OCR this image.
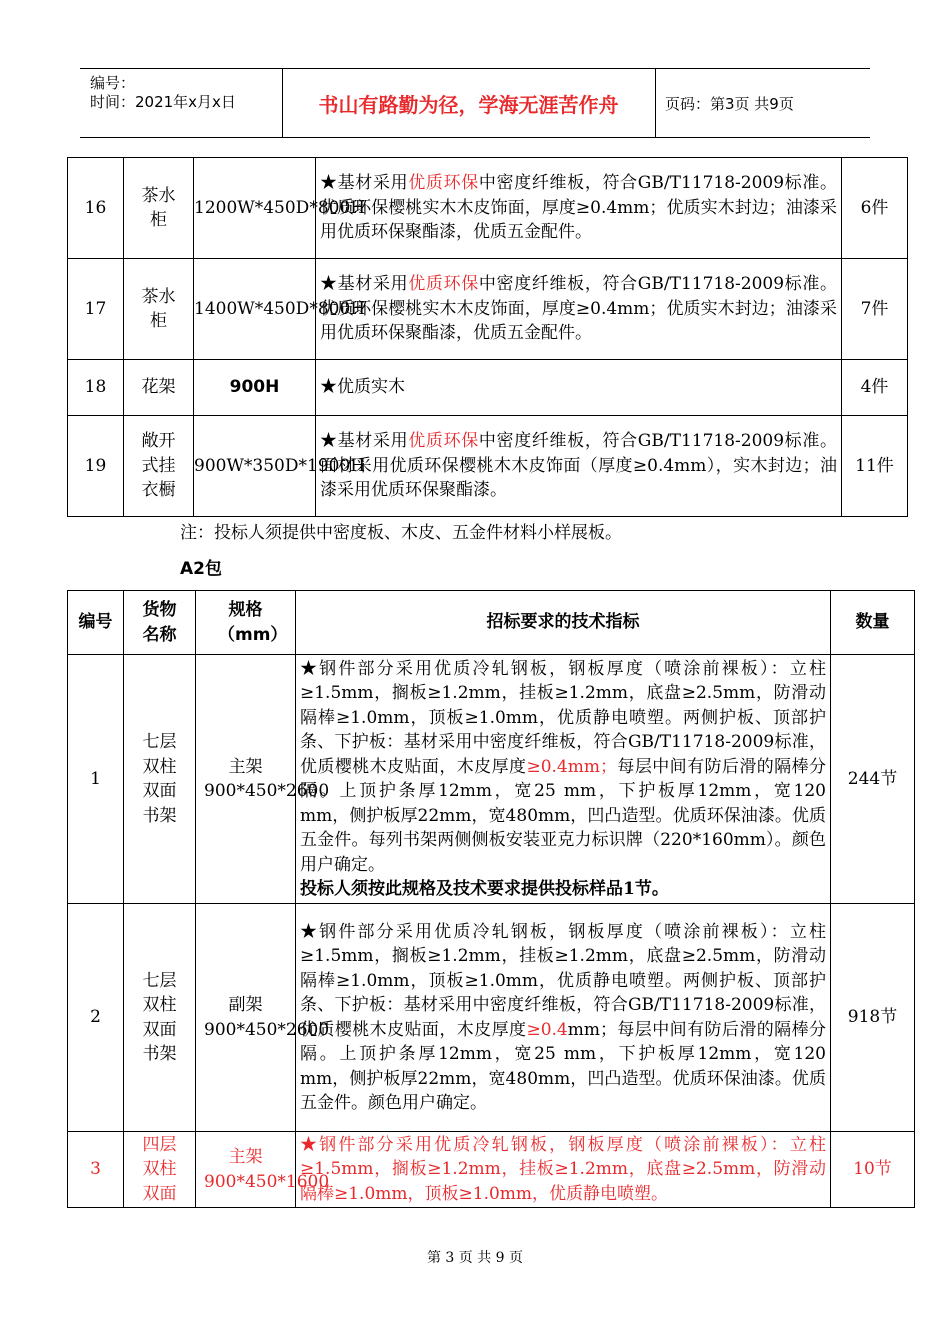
编号：
时间：2021年x月x日	书山有路勤为径，学海无涯苦作舟	页码：第3页 共9页
16	茶水柜	1200W*450D*800H	★基材采用优质环保中密度纤维板，符合GB/T11718-2009标准。优质环保樱桃实木木皮饰面，厚度≥0.4mm；优质实木封边；油漆采用优质环保聚酯漆，优质五金配件。	6件
17	茶水柜	1400W*450D*800H	★基材采用优质环保中密度纤维板，符合GB/T11718-2009标准。优质环保樱桃实木木皮饰面，厚度≥0.4mm；优质实木封边；油漆采用优质环保聚酯漆，优质五金配件。	7件
18	花架	900H	★优质实木	4件
19	敞开式挂衣橱	900W*350D*1900H	★基材采用优质环保中密度纤维板，符合GB/T11718-2009标准。面材采用优质环保樱桃木木皮饰面（厚度≥0.4mm），实木封边；油漆采用优质环保聚酯漆。	11件
注：投标人须提供中密度板、木皮、五金件材料小样展板。
A2包
编号	货物名称	规格（mm）	招标要求的技术指标	数量
1	七层双柱双面书架	主架900*450*2600	★钢件部分采用优质冷轧钢板，钢板厚度（喷涂前裸板）：立柱≥1.5mm，搁板≥1.2mm，挂板≥1.2mm，底盘≥2.5mm，防滑动隔棒≥1.0mm，顶板≥1.0mm，优质静电喷塑。两侧护板、顶部护条、下护板：基材采用中密度纤维板，符合GB/T11718-2009标准，优质樱桃木皮贴面，木皮厚度≥0.4mm；每层中间有防后滑的隔棒分隔。上顶护条厚12mm，宽25 mm，下护板厚12mm，宽120 mm，侧护板厚22mm，宽480mm，凹凸造型。优质环保油漆。优质五金件。每列书架两侧侧板安装亚克力标识牌（220*160mm）。颜色用户确定。
投标人须按此规格及技术要求提供投标样品1节。	244节
2	七层双柱双面书架	副架900*450*2600	★钢件部分采用优质冷轧钢板，钢板厚度（喷涂前裸板）：立柱≥1.5mm，搁板≥1.2mm，挂板≥1.2mm，底盘≥2.5mm，防滑动隔棒≥1.0mm，顶板≥1.0mm，优质静电喷塑。两侧护板、顶部护条、下护板：基材采用中密度纤维板，符合GB/T11718-2009标准，优质樱桃木皮贴面，木皮厚度≥0.4mm；每层中间有防后滑的隔棒分隔。上顶护条厚12mm，宽25 mm，下护板厚12mm，宽120 mm，侧护板厚22mm，宽480mm，凹凸造型。优质环保油漆。优质五金件。颜色用户确定。	918节
3	四层双柱双面	主架900*450*1600	★钢件部分采用优质冷轧钢板，钢板厚度（喷涂前裸板）：立柱≥1.5mm，搁板≥1.2mm，挂板≥1.2mm，底盘≥2.5mm，防滑动隔棒≥1.0mm，顶板≥1.0mm，优质静电喷塑。	10节
第 3 页 共 9 页
